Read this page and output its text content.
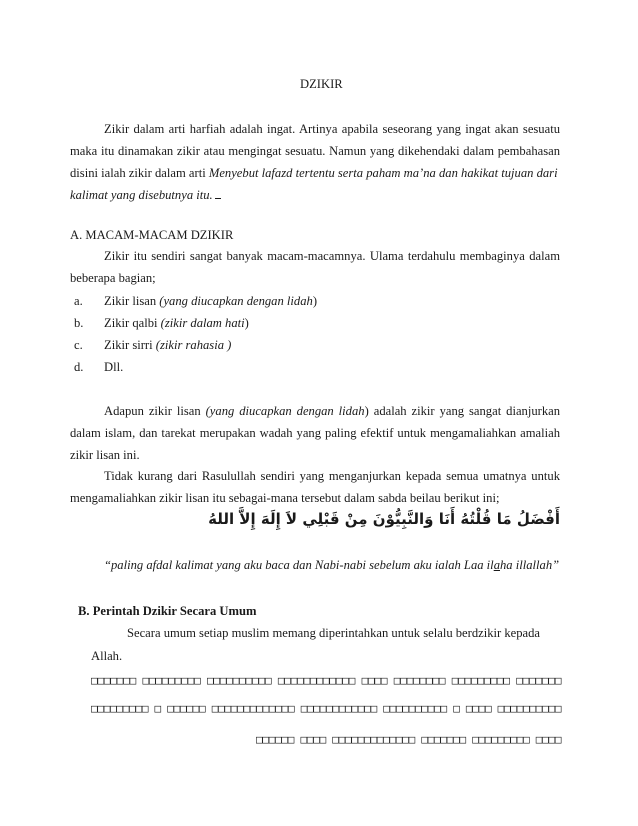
DZIKIR
Zikir dalam arti harfiah adalah ingat. Artinya apabila seseorang yang ingat akan sesuatu
maka itu dinamakan zikir atau mengingat sesuatu. Namun yang dikehendaki dalam pembahasan
disini ialah zikir dalam arti Menyebut lafazd tertentu serta paham ma’na dan hakikat tujuan dari
kalimat yang disebutnya itu.
A. MACAM-MACAM DZIKIR
Zikir itu sendiri sangat banyak macam-macamnya. Ulama terdahulu membaginya dalam
beberapa bagian;
a. Zikir lisan (yang diucapkan dengan lidah)
b. Zikir qalbi (zikir dalam hati)
c. Zikir sirri (zikir rahasia )
d. Dll.
Adapun zikir lisan (yang diucapkan dengan lidah) adalah zikir yang sangat dianjurkan
dalam islam, dan tarekat merupakan wadah yang paling efektif untuk mengamaliahkan amaliah
zikir lisan ini.
Tidak kurang dari Rasulullah sendiri yang menganjurkan kepada semua umatnya untuk
mengamaliahkan zikir lisan itu sebagai-mana tersebut dalam sabda beilau berikut ini;
أَفْضَلُ مَا قُلْتُهُ أَنَا وَالنَّبِيُّوْنَ مِنْ قَبْلِي لاَ إِلَهَ إِلاَّ اللهُ
“paling afdal kalimat yang aku baca dan Nabi-nabi sebelum aku ialah Laa ilaha illallah”
B. Perintah Dzikir Secara Umum
Secara umum setiap muslim memang diperintahkan untuk selalu berdzikir kepada
Allah.
□□□□□□□ □□□□□□□□□ □□□□□□□□□□ □□□□□□□□□□□□ □□□□ □□□□□□□□ □□□□□□□□□ □□□□□□□
□□□□□□□□□ □ □□□□□□ □□□□□□□□□□□□□ □□□□□□□□□□□□ □□□□□□□□□□ □ □□□□ □□□□□□□□□□
□□□□□□ □□□□ □□□□□□□□□□□□□ □□□□□□□ □□□□□□□□□ □□□□
